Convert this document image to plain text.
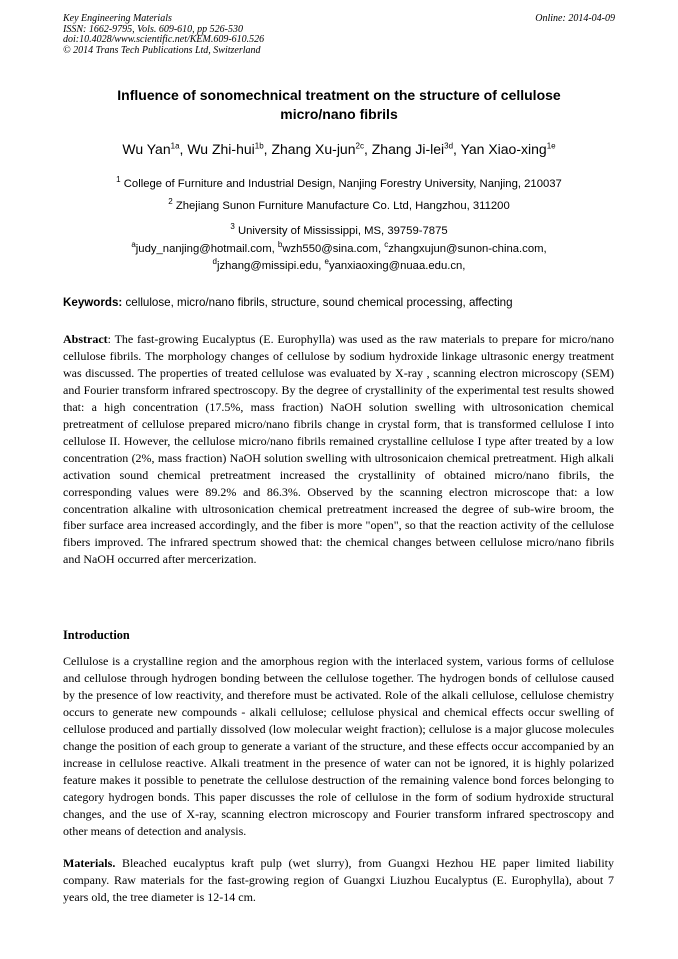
Key Engineering Materials
ISSN: 1662-9795, Vols. 609-610, pp 526-530
doi:10.4028/www.scientific.net/KEM.609-610.526
© 2014 Trans Tech Publications Ltd, Switzerland
Online: 2014-04-09
Influence of sonomechnical treatment on the structure of cellulose
micro/nano fibrils
Wu Yan$^{1a}$, Wu Zhi-hui$^{1b}$, Zhang Xu-jun$^{2c}$, Zhang Ji-lei$^{3d}$, Yan Xiao-xing$^{1e}$
$^1$ College of Furniture and Industrial Design, Nanjing Forestry University, Nanjing, 210037
$^2$ Zhejiang Sunon Furniture Manufacture Co. Ltd, Hangzhou, 311200
$^3$ University of Mississippi, MS, 39759-7875
$^a$judy_nanjing@hotmail.com, $^b$wzh550@sina.com, $^c$zhangxujun@sunon-china.com,
$^d$jzhang@missipi.edu, $^e$yanxiaoxing@nuaa.edu.cn,
Keywords: cellulose, micro/nano fibrils, structure, sound chemical processing, affecting
Abstract: The fast-growing Eucalyptus (E. Europhylla) was used as the raw materials to prepare for micro/nano cellulose fibrils. The morphology changes of cellulose by sodium hydroxide linkage ultrasonic energy treatment was discussed. The properties of treated cellulose was evaluated by X-ray , scanning electron microscopy (SEM) and Fourier transform infrared spectroscopy. By the degree of crystallinity of the experimental test results showed that: a high concentration (17.5%, mass fraction) NaOH solution swelling with ultrosonication chemical pretreatment of cellulose prepared micro/nano fibrils change in crystal form, that is transformed cellulose I into cellulose II. However, the cellulose micro/nano fibrils remained crystalline cellulose I type after treated by a low concentration (2%, mass fraction) NaOH solution swelling with ultrosonicaion chemical pretreatment. High alkali activation sound chemical pretreatment increased the crystallinity of obtained micro/nano fibrils, the corresponding values were 89.2% and 86.3%. Observed by the scanning electron microscope that: a low concentration alkaline with ultrosonication chemical pretreatment increased the degree of sub-wire broom, the fiber surface area increased accordingly, and the fiber is more "open", so that the reaction activity of the cellulose fibers improved. The infrared spectrum showed that: the chemical changes between cellulose micro/nano fibrils and NaOH occurred after mercerization.
Introduction
Cellulose is a crystalline region and the amorphous region with the interlaced system, various forms of cellulose and cellulose through hydrogen bonding between the cellulose together. The hydrogen bonds of cellulose caused by the presence of low reactivity, and therefore must be activated. Role of the alkali cellulose, cellulose chemistry occurs to generate new compounds - alkali cellulose; cellulose physical and chemical effects occur swelling of cellulose produced and partially dissolved (low molecular weight fraction); cellulose is a major glucose molecules change the position of each group to generate a variant of the structure, and these effects occur accompanied by an increase in cellulose reactive. Alkali treatment in the presence of water can not be ignored, it is highly polarized feature makes it possible to penetrate the cellulose destruction of the remaining valence bond forces belonging to category hydrogen bonds. This paper discusses the role of cellulose in the form of sodium hydroxide structural changes, and the use of X-ray, scanning electron microscopy and Fourier transform infrared spectroscopy and other means of detection and analysis.
Materials. Bleached eucalyptus kraft pulp (wet slurry), from Guangxi Hezhou HE paper limited liability company. Raw materials for the fast-growing region of Guangxi Liuzhou Eucalyptus (E. Europhylla), about 7 years old, the tree diameter is 12-14 cm.
